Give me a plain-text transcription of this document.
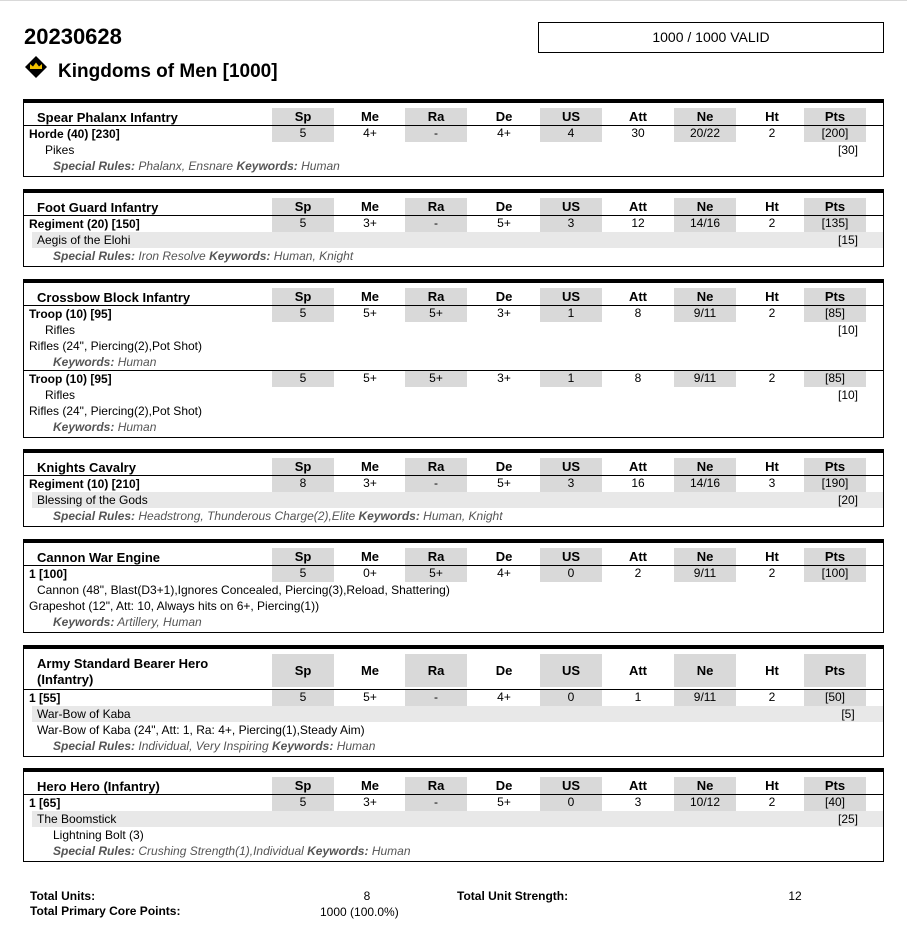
20230628	1000 / 1000 VALID
Kingdoms of Men [1000]
Spear Phalanx Infantry	Sp	Me	Ra	De	US	Att	Ne	Ht	Pts
Horde (40) [230]	5	4+	-	4+	4	30	20/22	2	[200]
Pikes	[30]
Special Rules: Phalanx, Ensnare Keywords: Human
Foot Guard Infantry	Sp	Me	Ra	De	US	Att	Ne	Ht	Pts
Regiment (20) [150]	5	3+	-	5+	3	12	14/16	2	[135]
Aegis of the Elohi	[15]
Special Rules: Iron Resolve Keywords: Human, Knight
Crossbow Block Infantry	Sp	Me	Ra	De	US	Att	Ne	Ht	Pts
Troop (10) [95]	5	5+	5+	3+	1	8	9/11	2	[85]
Rifles	[10]
Rifles (24", Piercing(2),Pot Shot)
Keywords: Human
Troop (10) [95]	5	5+	5+	3+	1	8	9/11	2	[85]
Rifles	[10]
Rifles (24", Piercing(2),Pot Shot)
Keywords: Human
Knights Cavalry	Sp	Me	Ra	De	US	Att	Ne	Ht	Pts
Regiment (10) [210]	8	3+	-	5+	3	16	14/16	3	[190]
Blessing of the Gods	[20]
Special Rules: Headstrong, Thunderous Charge(2),Elite Keywords: Human, Knight
Cannon War Engine	Sp	Me	Ra	De	US	Att	Ne	Ht	Pts
1 [100]	5	0+	5+	4+	0	2	9/11	2	[100]
Cannon (48", Blast(D3+1),Ignores Concealed, Piercing(3),Reload, Shattering)
Grapeshot (12", Att: 10, Always hits on 6+, Piercing(1))
Keywords: Artillery, Human
Army Standard Bearer Hero
(Infantry)
Sp	Me	Ra	De	US	Att	Ne	Ht	Pts
1 [55]	5	5+	-	4+	0	1	9/11	2	[50]
War-Bow of Kaba	[5]
War-Bow of Kaba (24", Att: 1, Ra: 4+, Piercing(1),Steady Aim)
Special Rules: Individual, Very Inspiring Keywords: Human
Hero Hero (Infantry)	Sp	Me	Ra	De	US	Att	Ne	Ht	Pts
1 [65]	5	3+	-	5+	0	3	10/12	2	[40]
The Boomstick	[25]
Lightning Bolt (3)
Special Rules: Crushing Strength(1),Individual Keywords: Human
Total Units:	8	Total Unit Strength:	12
Total Primary Core Points:	1000 (100.0%)
